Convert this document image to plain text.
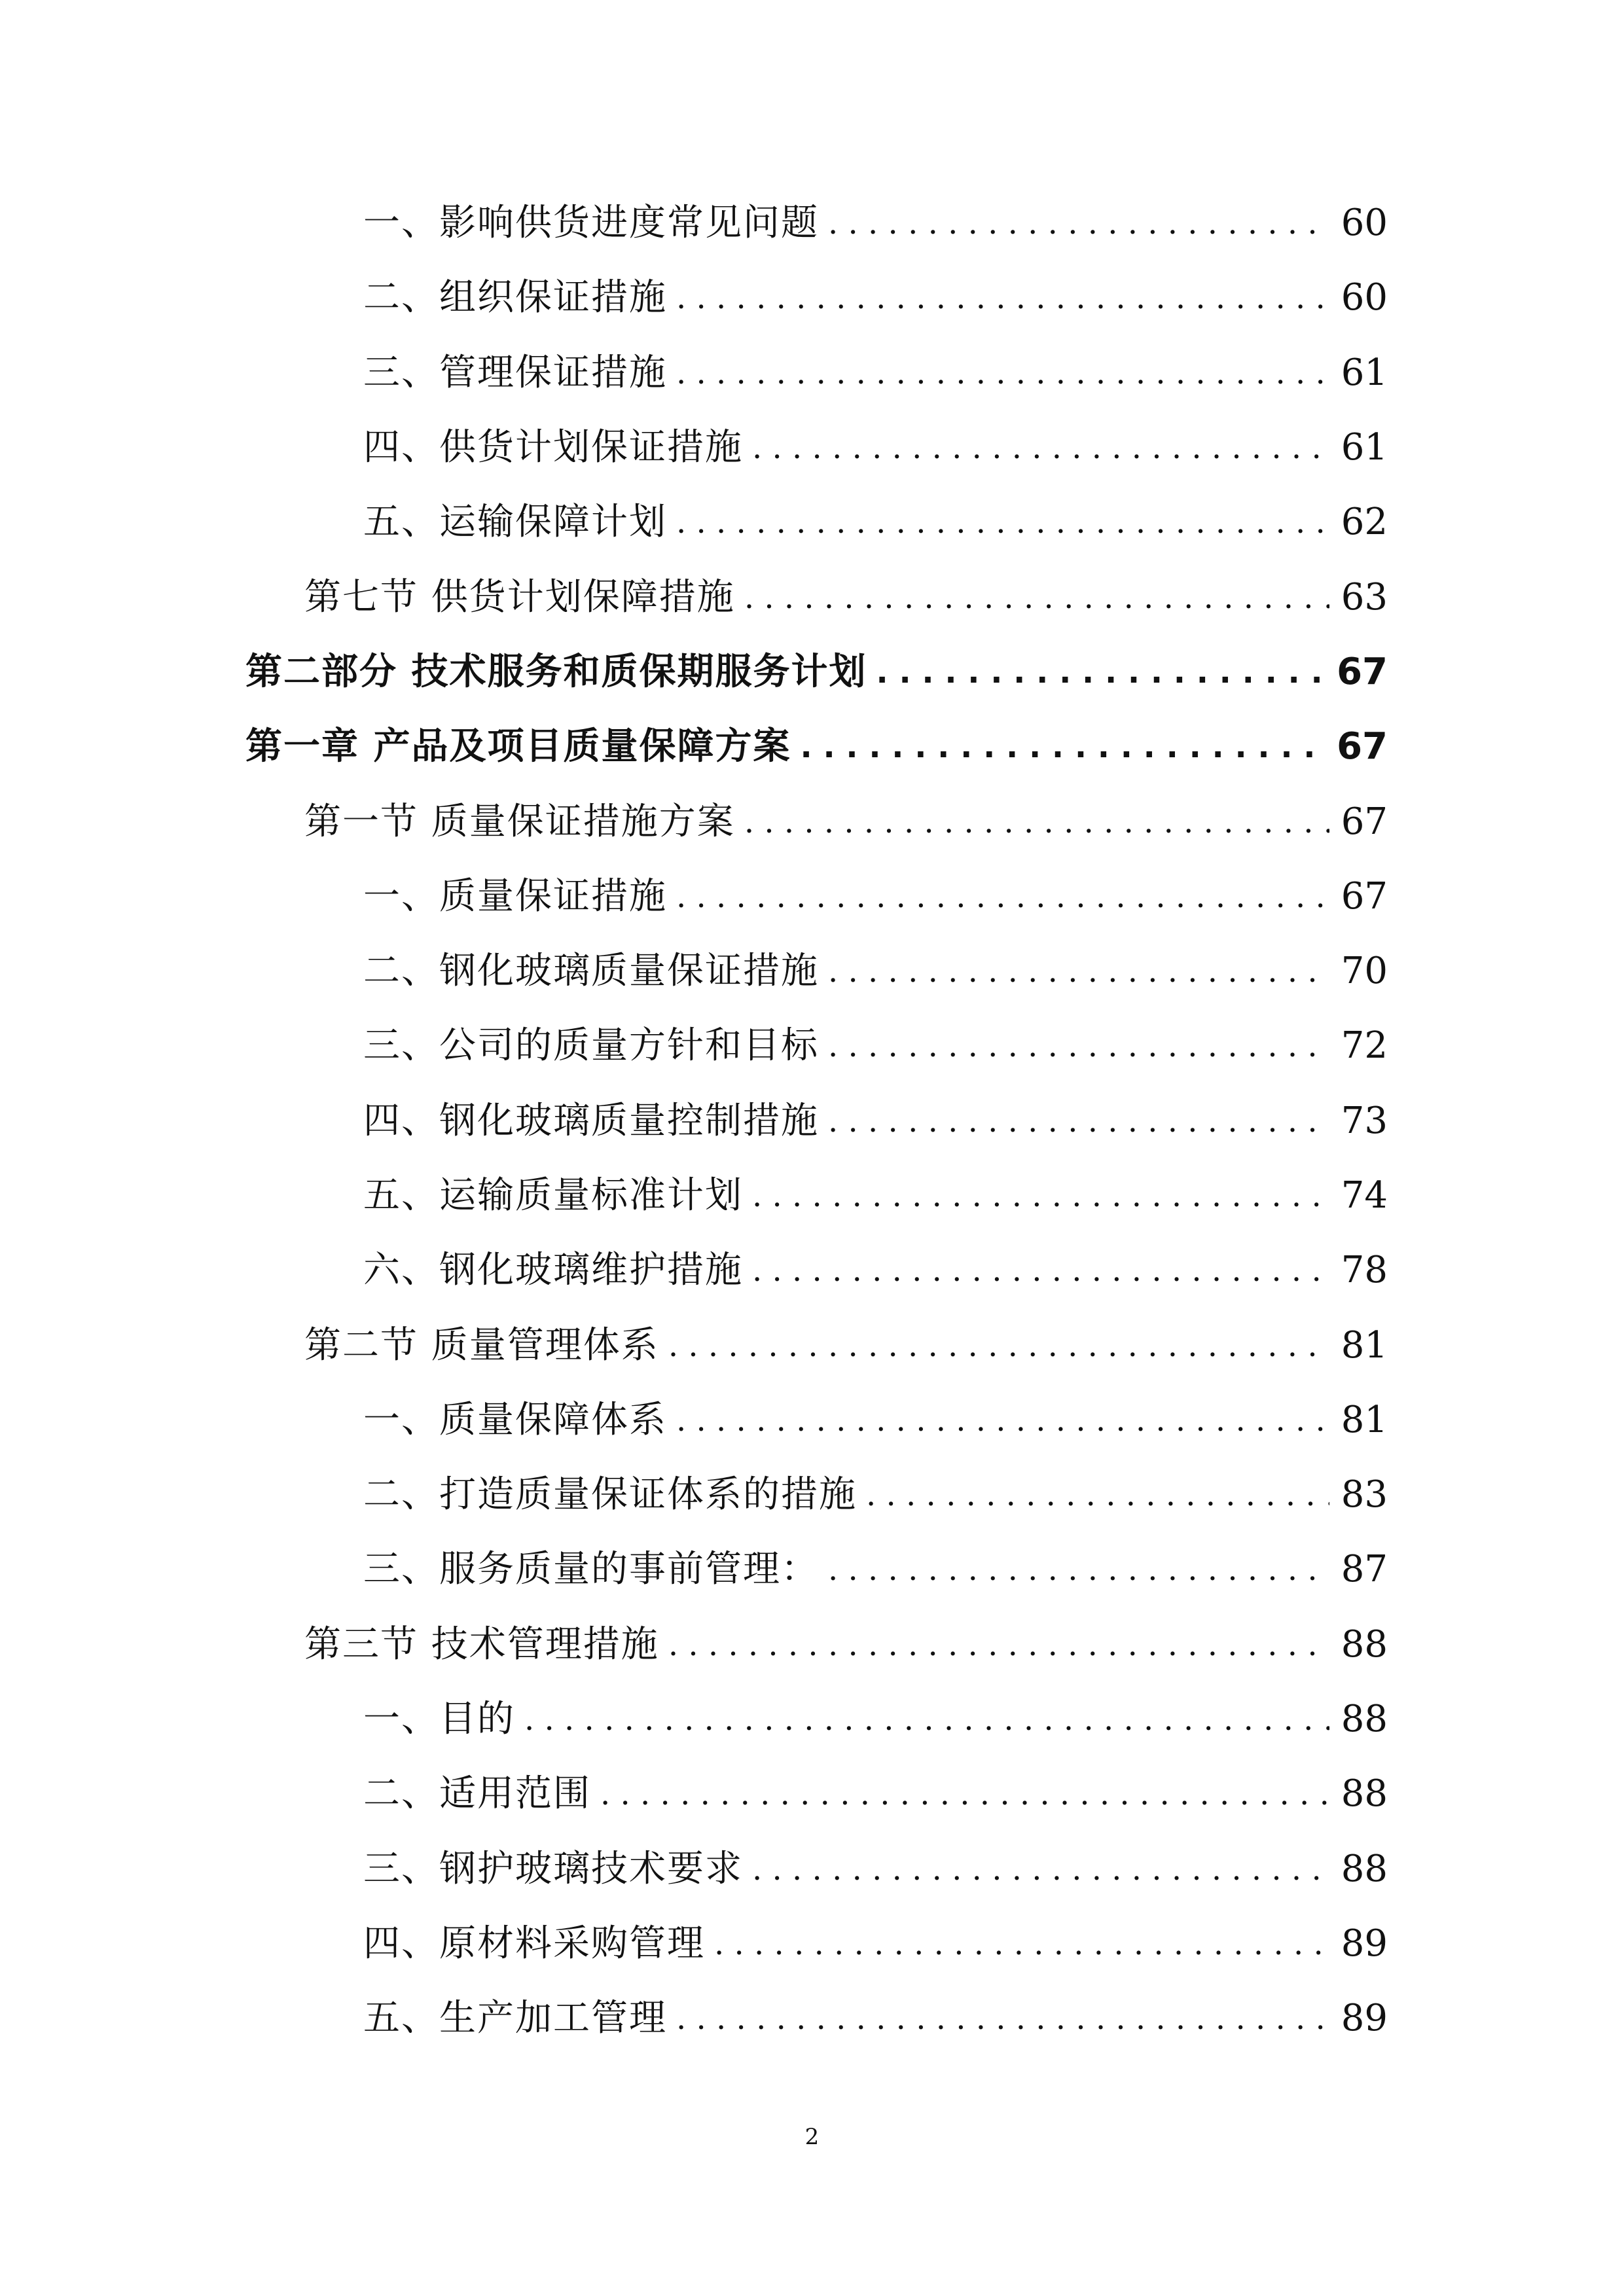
一、影响供货进度常见问题 . . .	60
二、组织保证措施 . . .	60
三、管理保证措施 . . .	61
四、供货计划保证措施 . . .	61
五、运输保障计划 . . .	62
第七节 供货计划保障措施 . . .	63
第二部分 技术服务和质保期服务计划 . . .	67
第一章 产品及项目质量保障方案 . . .	67
第一节 质量保证措施方案 . . .	67
一、质量保证措施 . . .	67
二、钢化玻璃质量保证措施 . . .	70
三、公司的质量方针和目标 . . .	72
四、钢化玻璃质量控制措施 . . .	73
五、运输质量标准计划 . . .	74
六、钢化玻璃维护措施 . . .	78
第二节 质量管理体系 . . .	81
一、质量保障体系 . . .	81
二、打造质量保证体系的措施 . . .	83
三、服务质量的事前管理： . . .	87
第三节 技术管理措施 . . .	88
一、目的 . . .	88
二、适用范围 . . .	88
三、钢护玻璃技术要求 . . .	88
四、原材料采购管理 . . .	89
五、生产加工管理 . . .	89
2
